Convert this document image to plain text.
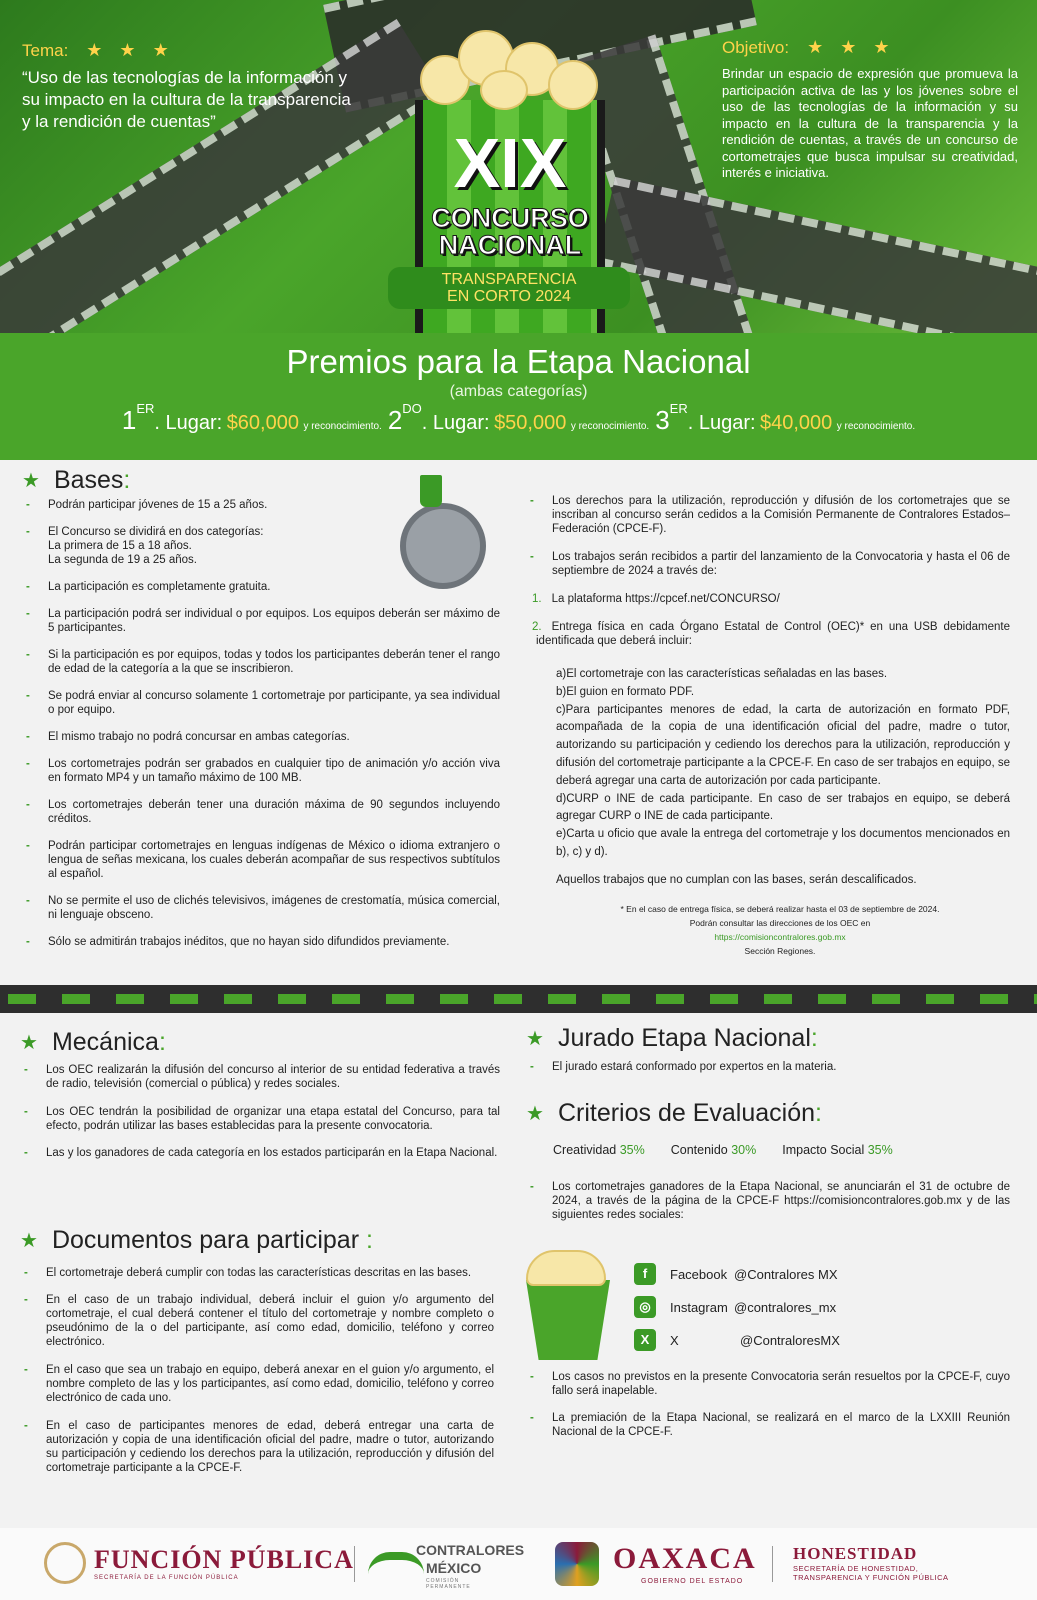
Tema: ★ ★ ★
“Uso de las tecnologías de la información y su impacto en la cultura de la transparencia y la rendición de cuentas”
Objetivo: ★ ★ ★
Brindar un espacio de expresión que promueva la participación activa de las y los jóvenes sobre el uso de las tecnologías de la información y su impacto en la cultura de la transparencia y la rendición de cuentas, a través de un concurso de cortometrajes que busca impulsar su creatividad, interés e iniciativa.
XIX
CONCURSO
NACIONAL
TRANSPARENCIA
EN CORTO 2024
Premios para la Etapa Nacional
(ambas categorías)
1ER. Lugar: $60,000 y reconocimiento. $2^{DO}$. Lugar: $50,000 y reconocimiento. 3ER. Lugar: $40,000 y reconocimiento.
★ Bases :
- Podrán participar jóvenes de 15 a 25 años.
- El Concurso se dividirá en dos categorías:
La primera de 15 a 18 años.
La segunda de 19 a 25 años.
- La participación es completamente gratuita.
- La participación podrá ser individual o por equipos. Los equipos deberán ser máximo de 5 participantes.
- Si la participación es por equipos, todas y todos los participantes deberán tener el rango de edad de la categoría a la que se inscribieron.
- Se podrá enviar al concurso solamente 1 cortometraje por participante, ya sea individual o por equipo.
- El mismo trabajo no podrá concursar en ambas categorías.
- Los cortometrajes podrán ser grabados en cualquier tipo de animación y/o acción viva en formato MP4 y un tamaño máximo de 100 MB.
- Los cortometrajes deberán tener una duración máxima de 90 segundos incluyendo créditos.
- Podrán participar cortometrajes en lenguas indígenas de México o idioma extranjero o lengua de señas mexicana, los cuales deberán acompañar de sus respectivos subtítulos al español.
- No se permite el uso de clichés televisivos, imágenes de crestomatía, música comercial, ni lenguaje obsceno.
- Sólo se admitirán trabajos inéditos, que no hayan sido difundidos previamente.
- Los derechos para la utilización, reproducción y difusión de los cortometrajes que se inscriban al concurso serán cedidos a la Comisión Permanente de Contralores Estados–Federación (CPCE-F).
- Los trabajos serán recibidos a partir del lanzamiento de la Convocatoria y hasta el 06 de septiembre de 2024 a través de:
1. La plataforma https://cpcef.net/CONCURSO/
2. Entrega física en cada Órgano Estatal de Control (OEC)* en una USB debidamente identificada que deberá incluir:
a)El cortometraje con las características señaladas en las bases.
b)El guion en formato PDF.
c)Para participantes menores de edad, la carta de autorización en formato PDF, acompañada de la copia de una identificación oficial del padre, madre o tutor, autorizando su participación y cediendo los derechos para la utilización, reproducción y difusión del cortometraje participante a la CPCE-F. En caso de ser trabajos en equipo, se deberá agregar una carta de autorización por cada participante.
d)CURP o INE de cada participante. En caso de ser trabajos en equipo, se deberá agregar CURP o INE de cada participante.
e)Carta u oficio que avale la entrega del cortometraje y los documentos mencionados en b), c) y d).
Aquellos trabajos que no cumplan con las bases, serán descalificados.
* En el caso de entrega física, se deberá realizar hasta el 03 de septiembre de 2024.
Podrán consultar las direcciones de los OEC en
https://comisioncontralores.gob.mx
Sección Regiones.
★ Mecánica :
- Los OEC realizarán la difusión del concurso al interior de su entidad federativa a través de radio, televisión (comercial o pública) y redes sociales.
- Los OEC tendrán la posibilidad de organizar una etapa estatal del Concurso, para tal efecto, podrán utilizar las bases establecidas para la presente convocatoria.
- Las y los ganadores de cada categoría en los estados participarán en la Etapa Nacional.
★ Documentos para participar :
- El cortometraje deberá cumplir con todas las características descritas en las bases.
- En el caso de un trabajo individual, deberá incluir el guion y/o argumento del cortometraje, el cual deberá contener el título del cortometraje y nombre completo o pseudónimo de la o del participante, así como edad, domicilio, teléfono y correo electrónico.
- En el caso que sea un trabajo en equipo, deberá anexar en el guion y/o argumento, el nombre completo de las y los participantes, así como edad, domicilio, teléfono y correo electrónico de cada uno.
- En el caso de participantes menores de edad, deberá entregar una carta de autorización y copia de una identificación oficial del padre, madre o tutor, autorizando su participación y cediendo los derechos para la utilización, reproducción y difusión del cortometraje participante a la CPCE-F.
★ Jurado Etapa Nacional :
- El jurado estará conformado por expertos en la materia.
★ Criterios de Evaluación :
Creatividad 35% Contenido 30% Impacto Social 35%
- Los cortometrajes ganadores de la Etapa Nacional, se anunciarán el 31 de octubre de 2024, a través de la página de la CPCE-F https://comisioncontralores.gob.mx y de las siguientes redes sociales:
f	Facebook @Contralores MX
◎	Instagram @contralores_mx
X	X	@ContraloresMX
- Los casos no previstos en la presente Convocatoria serán resueltos por la CPCE-F, cuyo fallo será inapelable.
- La premiación de la Etapa Nacional, se realizará en el marco de la LXXIII Reunión Nacional de la CPCE-F.
FUNCIÓN PÚBLICA
SECRETARÍA DE LA FUNCIÓN PÚBLICA
CONTRALORES
MÉXICO
COMISIÓN PERMANENTE
OAXACA
GOBIERNO DEL ESTADO
HONESTIDAD
SECRETARÍA DE HONESTIDAD,
TRANSPARENCIA Y FUNCIÓN PÚBLICA
